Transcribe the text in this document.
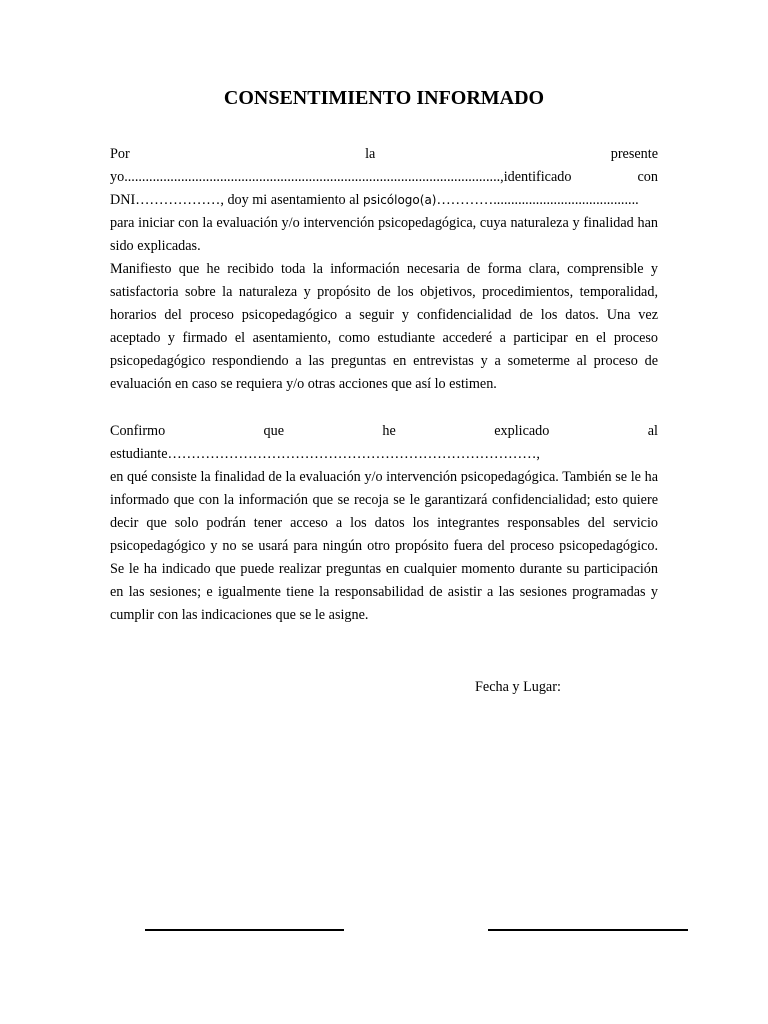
CONSENTIMIENTO INFORMADO
Por	la	presente
yo..........................................................................................................,identificado	con
DNI………………, doy mi asentamiento al psicólogo(a)………….........................................
para iniciar con la evaluación y/o intervención psicopedagógica, cuya naturaleza y finalidad han sido explicadas.
Manifiesto que he recibido toda la información necesaria de forma clara, comprensible y satisfactoria sobre la naturaleza y propósito de los objetivos, procedimientos, temporalidad, horarios del proceso psicopedagógico a seguir y confidencialidad de los datos. Una vez aceptado y firmado el asentamiento, como estudiante accederé a participar en el proceso psicopedagógico respondiendo a las preguntas en entrevistas y a someterme al proceso de evaluación en caso se requiera y/o otras acciones que así lo estimen.
Confirmo	que	he	explicado	al
estudiante……………………………………………………………………,
en qué consiste la finalidad de la evaluación y/o intervención psicopedagógica. También se le ha informado que con la información que se recoja se le garantizará confidencialidad; esto quiere decir que solo podrán tener acceso a los datos los integrantes responsables del servicio psicopedagógico y no se usará para ningún otro propósito fuera del proceso psicopedagógico. Se le ha indicado que puede realizar preguntas en cualquier momento durante su participación en las sesiones; e igualmente tiene la responsabilidad de asistir a las sesiones programadas y cumplir con las indicaciones que se le asigne.
Fecha y Lugar:
